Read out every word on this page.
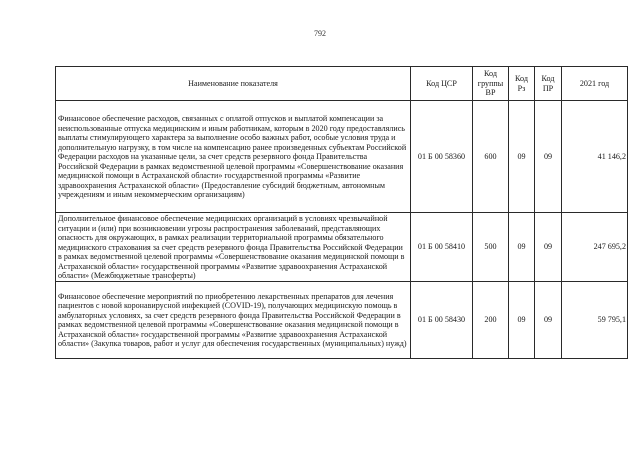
792
Наименование показателя	Код ЦСР	Код группы ВР	Код Рз	Код ПР	2021 год
Финансовое обеспечение расходов, связанных с оплатой отпусков и выплатой компенсации за неиспользованные отпуска медицинским и иным работникам, которым в 2020 году предоставлялись выплаты стимулирующего характера за выполнение особо важных работ, особые условия труда и дополнительную нагрузку, в том числе на компенсацию ранее произведенных субъектам Российской Федерации расходов на указанные цели, за счет средств резервного фонда Правительства Российской Федерации в рамках ведомственной целевой программы «Совершенствование оказания медицинской помощи в Астраханской области» государственной программы «Развитие здравоохранения Астраханской области» (Предоставление субсидий бюджетным, автономным учреждениям и иным некоммерческим организациям)	01 Б 00 58360	600	09	09	41 146,2
Дополнительное финансовое обеспечение медицинских организаций в условиях чрезвычайной ситуации и (или) при возникновении угрозы распространения заболеваний, представляющих опасность для окружающих, в рамках реализации территориальной программы обязательного медицинского страхования за счет средств резервного фонда Правительства Российской Федерации в рамках ведомственной целевой программы «Совершенствование оказания медицинской помощи в Астраханской области» государственной программы «Развитие здравоохранения Астраханской области» (Межбюджетные трансферты)	01 Б 00 58410	500	09	09	247 695,2
Финансовое обеспечение мероприятий по приобретению лекарственных препаратов для лечения пациентов с новой коронавирусной инфекцией (COVID-19), получающих медицинскую помощь в амбулаторных условиях, за счет средств резервного фонда Правительства Российской Федерации в рамках ведомственной целевой программы «Совершенствование оказания медицинской помощи в Астраханской области» государственной программы «Развитие здравоохранения Астраханской области» (Закупка товаров, работ и услуг для обеспечения государственных (муниципальных) нужд)	01 Б 00 58430	200	09	09	59 795,1
